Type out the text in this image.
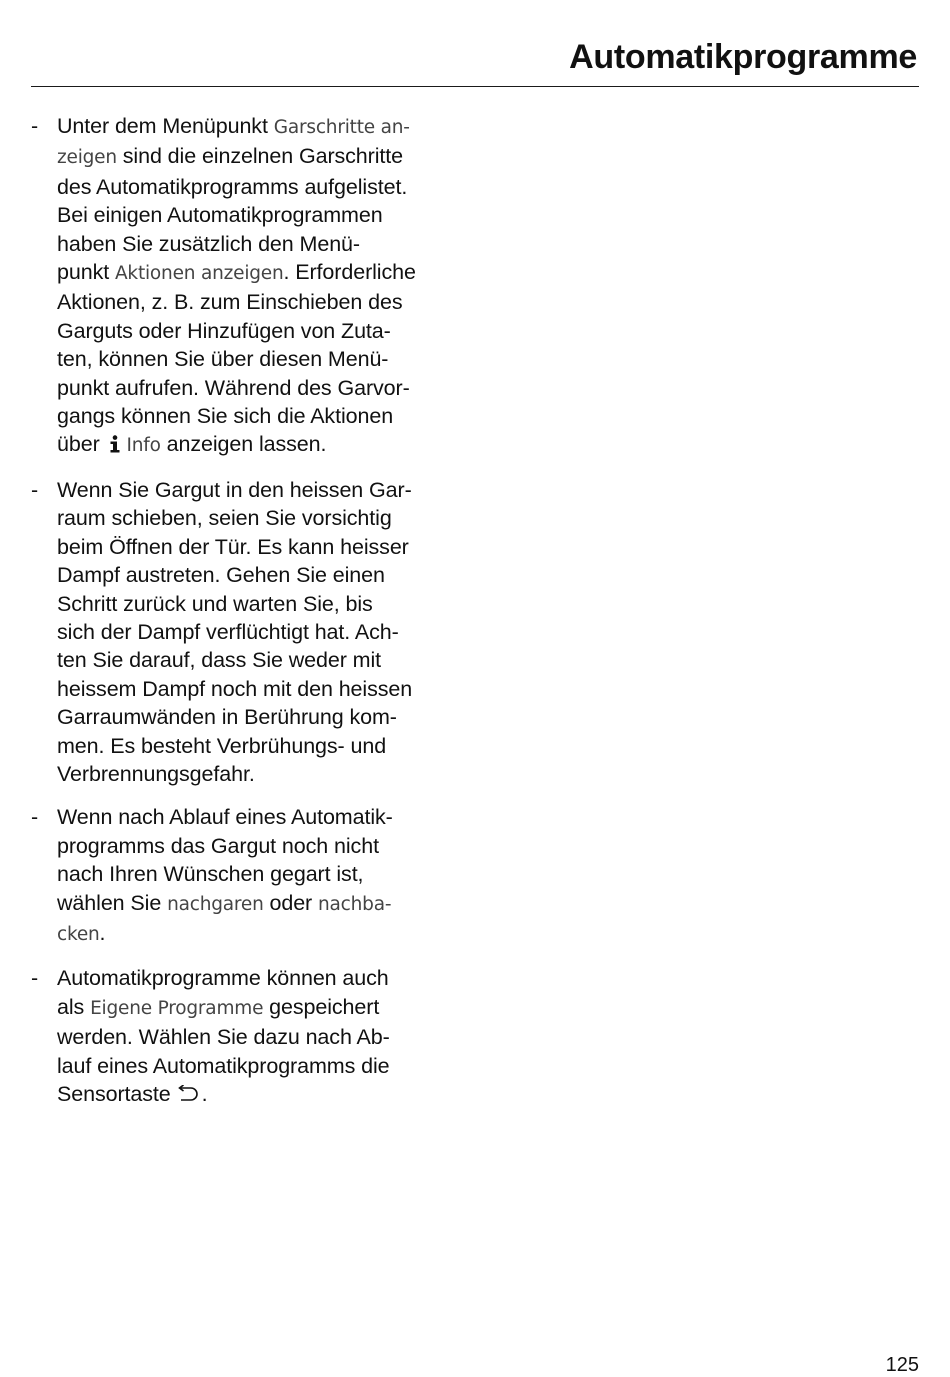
Automatikprogramme
- Unter dem Menüpunkt Garschritte an-
zeigen sind die einzelnen Garschritte
des Automatikprogramms aufgelistet.
Bei einigen Automatikprogrammen
haben Sie zusätzlich den Menü-
punkt Aktionen anzeigen. Erforderliche
Aktionen, z. B. zum Einschieben des
Garguts oder Hinzufügen von Zuta-
ten, können Sie über diesen Menü-
punkt aufrufen. Während des Garvor-
gangs können Sie sich die Aktionen
über Info anzeigen lassen.
- Wenn Sie Gargut in den heissen Gar-
raum schieben, seien Sie vorsichtig
beim Öffnen der Tür. Es kann heisser
Dampf austreten. Gehen Sie einen
Schritt zurück und warten Sie, bis
sich der Dampf verflüchtigt hat. Ach-
ten Sie darauf, dass Sie weder mit
heissem Dampf noch mit den heissen
Garraumwänden in Berührung kom-
men. Es besteht Verbrühungs- und
Verbrennungsgefahr.
- Wenn nach Ablauf eines Automatik-
programms das Gargut noch nicht
nach Ihren Wünschen gegart ist,
wählen Sie nachgaren oder nachba-
cken.
- Automatikprogramme können auch
als Eigene Programme gespeichert
werden. Wählen Sie dazu nach Ab-
lauf eines Automatikprogramms die
Sensortaste .
125
